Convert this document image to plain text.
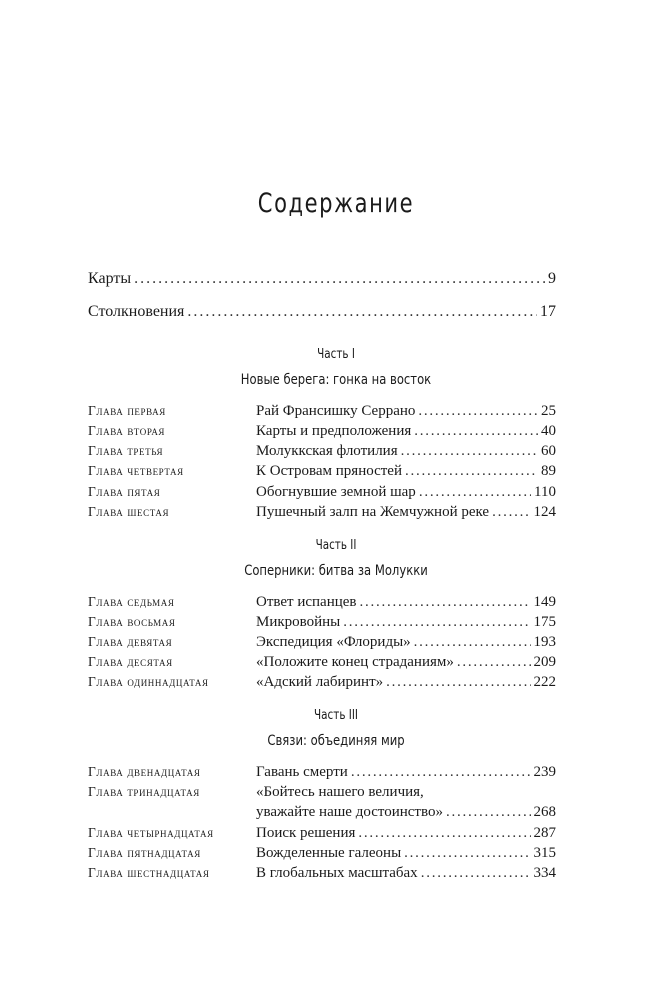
Содержание
Карты . . .	9
Столкновения . . .	17
Часть I
Новые берега: гонка на восток
Глава первая	Рай Франсишку Серрано . . .	25
Глава вторая	Карты и предположения . . .	40
Глава третья	Молуккская флотилия . . .	60
Глава четвертая	К Островам пряностей . . .	89
Глава пятая	Обогнувшие земной шар . . .	110
Глава шестая	Пушечный залп на Жемчужной реке . . .	124
Часть II
Соперники: битва за Молукки
Глава седьмая	Ответ испанцев . . .	149
Глава восьмая	Микровойны . . .	175
Глава девятая	Экспедиция «Флориды» . . .	193
Глава десятая	«Положите конец страданиям» . . .	209
Глава одиннадцатая	«Адский лабиринт» . . .	222
Часть III
Связи: объединяя мир
Глава двенадцатая	Гавань смерти . . .	239
Глава тринадцатая	«Бойтесь нашего величия,
уважайте наше достоинство» . . .	268
Глава четырнадцатая	Поиск решения . . .	287
Глава пятнадцатая	Вожделенные галеоны . . .	315
Глава шестнадцатая	В глобальных масштабах . . .	334
